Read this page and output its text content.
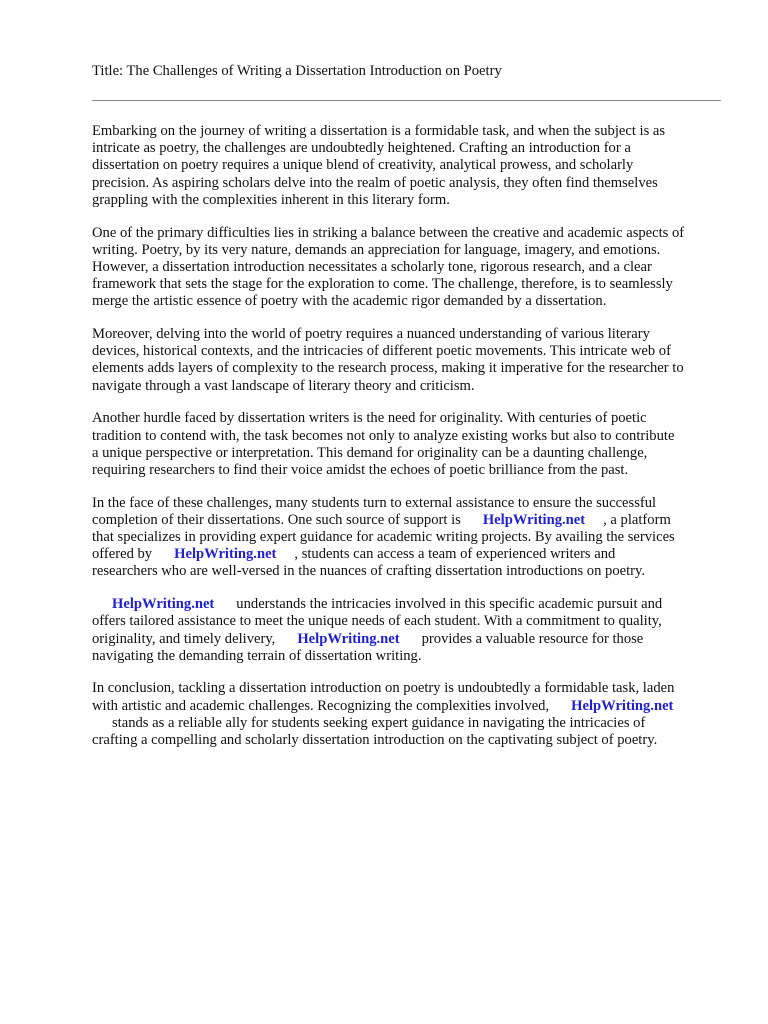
Title: The Challenges of Writing a Dissertation Introduction on Poetry

Embarking on the journey of writing a dissertation is a formidable task, and when the subject is as
intricate as poetry, the challenges are undoubtedly heightened. Crafting an introduction for a
dissertation on poetry requires a unique blend of creativity, analytical prowess, and scholarly
precision. As aspiring scholars delve into the realm of poetic analysis, they often find themselves
grappling with the complexities inherent in this literary form.

One of the primary difficulties lies in striking a balance between the creative and academic aspects of
writing. Poetry, by its very nature, demands an appreciation for language, imagery, and emotions.
However, a dissertation introduction necessitates a scholarly tone, rigorous research, and a clear
framework that sets the stage for the exploration to come. The challenge, therefore, is to seamlessly
merge the artistic essence of poetry with the academic rigor demanded by a dissertation.

Moreover, delving into the world of poetry requires a nuanced understanding of various literary
devices, historical contexts, and the intricacies of different poetic movements. This intricate web of
elements adds layers of complexity to the research process, making it imperative for the researcher to
navigate through a vast landscape of literary theory and criticism.

Another hurdle faced by dissertation writers is the need for originality. With centuries of poetic
tradition to contend with, the task becomes not only to analyze existing works but also to contribute
a unique perspective or interpretation. This demand for originality can be a daunting challenge,
requiring researchers to find their voice amidst the echoes of poetic brilliance from the past.

In the face of these challenges, many students turn to external assistance to ensure the successful
completion of their dissertations. One such source of support is HelpWriting.net , a platform
that specializes in providing expert guidance for academic writing projects. By availing the services
offered by HelpWriting.net , students can access a team of experienced writers and
researchers who are well-versed in the nuances of crafting dissertation introductions on poetry.

HelpWriting.net understands the intricacies involved in this specific academic pursuit and
offers tailored assistance to meet the unique needs of each student. With a commitment to quality,
originality, and timely delivery, HelpWriting.net provides a valuable resource for those
navigating the demanding terrain of dissertation writing.

In conclusion, tackling a dissertation introduction on poetry is undoubtedly a formidable task, laden
with artistic and academic challenges. Recognizing the complexities involved, HelpWriting.net
stands as a reliable ally for students seeking expert guidance in navigating the intricacies of
crafting a compelling and scholarly dissertation introduction on the captivating subject of poetry.
